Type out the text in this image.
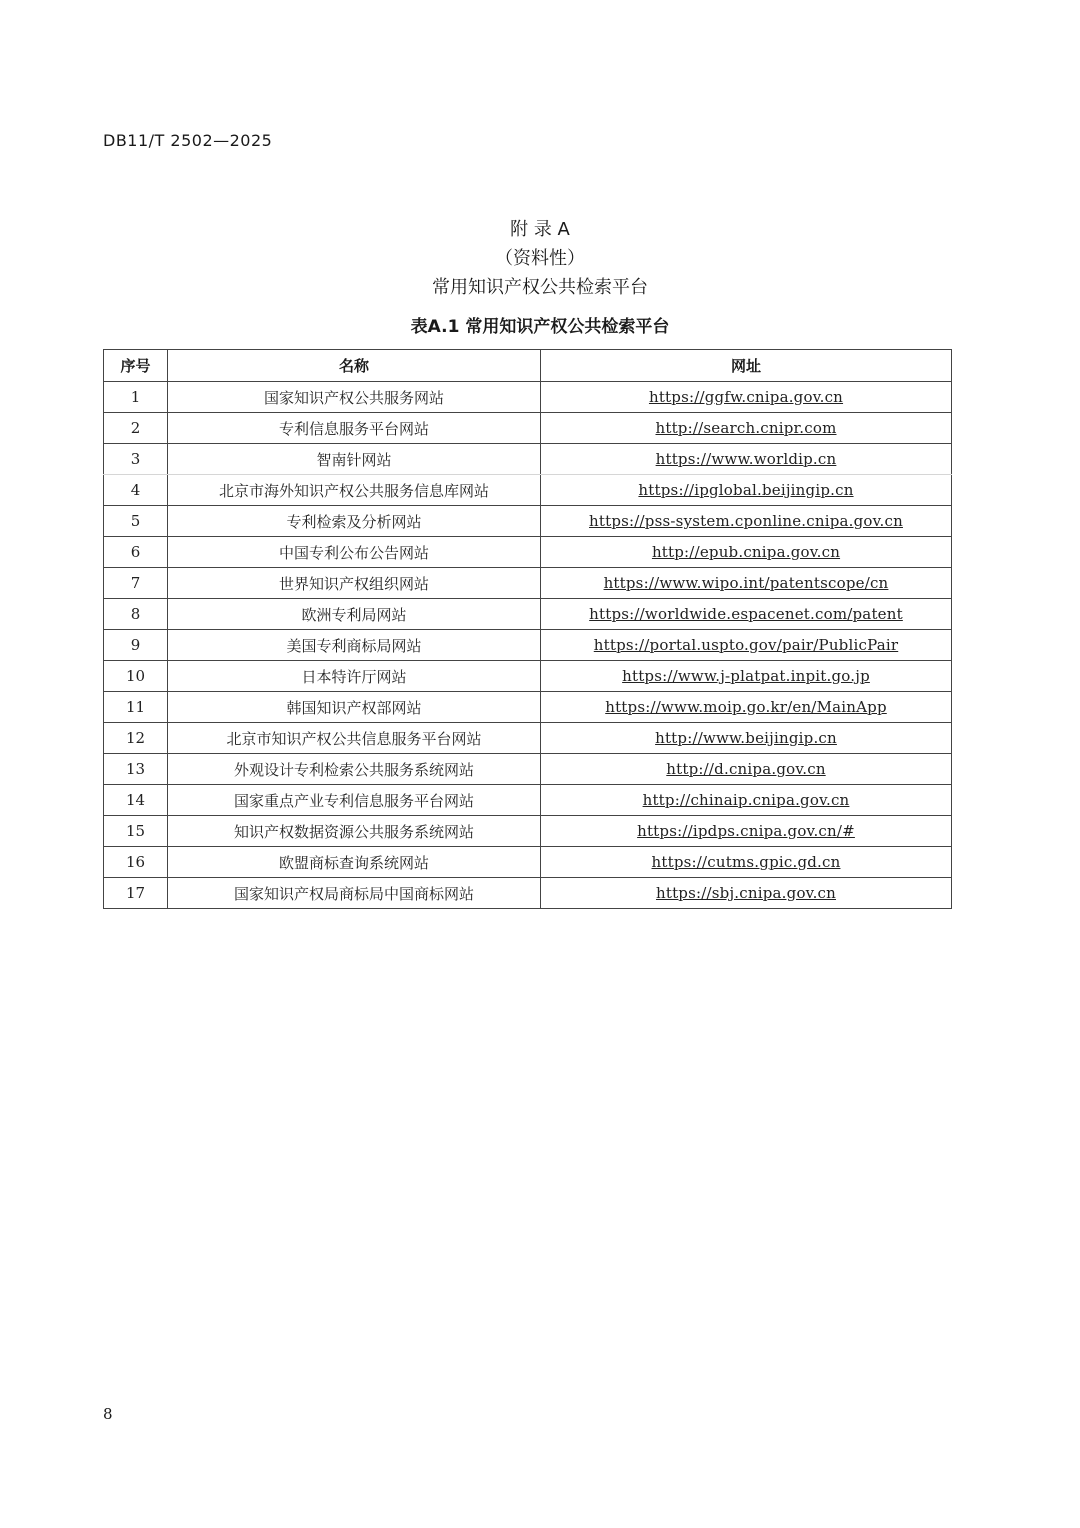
DB11/T 2502—2025
附 录 A
（资料性）
常用知识产权公共检索平台
表A.1 常用知识产权公共检索平台
序号	名称	网址
1	国家知识产权公共服务网站	https://ggfw.cnipa.gov.cn
2	专利信息服务平台网站	http://search.cnipr.com
3	智南针网站	https://www.worldip.cn
4	北京市海外知识产权公共服务信息库网站	https://ipglobal.beijingip.cn
5	专利检索及分析网站	https://pss-system.cponline.cnipa.gov.cn
6	中国专利公布公告网站	http://epub.cnipa.gov.cn
7	世界知识产权组织网站	https://www.wipo.int/patentscope/cn
8	欧洲专利局网站	https://worldwide.espacenet.com/patent
9	美国专利商标局网站	https://portal.uspto.gov/pair/PublicPair
10	日本特许厅网站	https://www.j-platpat.inpit.go.jp
11	韩国知识产权部网站	https://www.moip.go.kr/en/MainApp
12	北京市知识产权公共信息服务平台网站	http://www.beijingip.cn
13	外观设计专利检索公共服务系统网站	http://d.cnipa.gov.cn
14	国家重点产业专利信息服务平台网站	http://chinaip.cnipa.gov.cn
15	知识产权数据资源公共服务系统网站	https://ipdps.cnipa.gov.cn/#
16	欧盟商标查询系统网站	https://cutms.gpic.gd.cn
17	国家知识产权局商标局中国商标网站	https://sbj.cnipa.gov.cn
8
